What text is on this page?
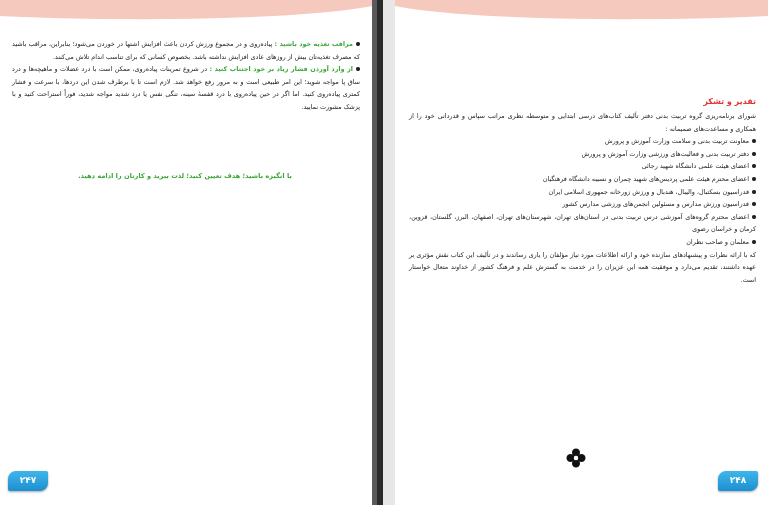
مراقب تغذیه خود باشید : پیاده‌روی و در مجموع ورزش کردن باعث افزایش اشتها در خوردن می‌شود؛ بنابراین، مراقب باشید که مصرف تغذیه‌تان بیش از روزهای عادی افزایش نداشته باشد. بخصوص کسانی که برای تناسب اندام تلاش می‌کنند.

از وارد آوردن فشار زیاد بر خود اجتناب کنید : در شروع تمرینات پیاده‌روی، ممکن است با درد عضلات و ماهیچه‌ها و درد ساق پا مواجه شوید؛ این امر طبیعی است و به مرور رفع خواهد شد. لازم است تا با برطرف شدن این دردها، با سرعت و فشار کمتری پیاده‌روی کنید. اما اگر در حین پیاده‌روی با درد قفسهٔ سینه، تنگی نفس یا درد شدید مواجه شدید، فوراً استراحت کنید و با پزشک مشورت نمایید.

با انگیزه باشید؛ هدف تعیین کنید؛ لذت ببرید و کارتان را ادامه دهید.
۲۴۷
تقدیر و تشکر

شورای برنامه‌ریزی گروه تربیت بدنی دفتر تألیف کتاب‌های درسی ابتدایی و متوسطه نظری مراتب سپاس و قدردانی خود را از همکاری و مساعدت‌های صمیمانه :

معاونت تربیت بدنی و سلامت وزارت آموزش و پرورش
دفتر تربیت بدنی و فعالیت‌های ورزشی وزارت آموزش و پرورش
اعضای هیئت علمی دانشگاه شهید رجائی
اعضای محترم هیئت علمی پردیس‌های شهید چمران و نسیبه دانشگاه فرهنگیان
فدراسیون بسکتبال، والیبال، هندبال و ورزش زورخانه جمهوری اسلامی ایران
فدراسیون ورزش مدارس و مسئولین انجمن‌های ورزشی مدارس کشور
اعضای محترم گروه‌های آموزشی درس تربیت بدنی در استان‌های تهران، شهرستان‌های تهران، اصفهان، البرز، گلستان، قزوین، کرمان و خراسان رضوی
معلمان و صاحب نظران

که با ارائه نظرات و پیشنهادهای سازنده خود و ارائه اطلاعات مورد نیاز مؤلفان را یاری رساندند و در تألیف این کتاب نقش مؤثری بر عهده داشتند، تقدیم می‌دارد و موفقیت همه این عزیزان را در خدمت به گسترش علم و فرهنگ کشور از خداوند متعال خواستار است.

۲۴۸
